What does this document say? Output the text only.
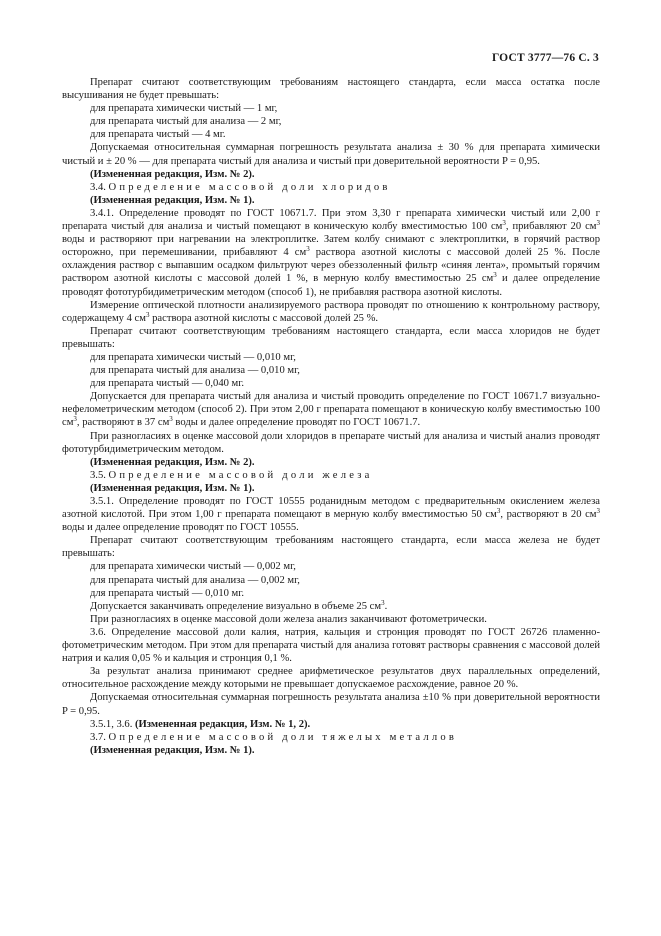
ГОСТ 3777—76 С. 3

Препарат считают соответствующим требованиям настоящего стандарта, если масса остатка после высушивания не будет превышать:

для препарата химически чистый — 1 мг,

для препарата чистый для анализа — 2 мг,

для препарата чистый — 4 мг.

Допускаемая относительная суммарная погрешность результата анализа ± 30 % для препарата химически чистый и ± 20 % — для препарата чистый для анализа и чистый при доверительной вероятности P = 0,95.

(Измененная редакция, Изм. № 2).

3.4. Определение массовой доли хлоридов

(Измененная редакция, Изм. № 1).

3.4.1. Определение проводят по ГОСТ 10671.7. При этом 3,30 г препарата химически чистый или 2,00 г препарата чистый для анализа и чистый помещают в коническую колбу вместимостью 100 $см^3$, прибавляют 20 $см^3$ воды и растворяют при нагревании на электроплитке. Затем колбу снимают с электроплитки, в горячий раствор осторожно, при перемешивании, прибавляют 4 $см^3$ раствора азотной кислоты с массовой долей 25 %. После охлаждения раствор с выпавшим осадком фильтруют через обеззоленный фильтр «синяя лента», промытый горячим раствором азотной кислоты с массовой долей 1 %, в мерную колбу вместимостью 25 $см^3$ и далее определение проводят фототурбидиметрическим методом (способ 1), не прибавляя раствора азотной кислоты.

Измерение оптической плотности анализируемого раствора проводят по отношению к контрольному раствору, содержащему 4 $см^3$ раствора азотной кислоты с массовой долей 25 %.

Препарат считают соответствующим требованиям настоящего стандарта, если масса хлоридов не будет превышать:

для препарата химически чистый — 0,010 мг,

для препарата чистый для анализа — 0,010 мг,

для препарата чистый — 0,040 мг.

Допускается для препарата чистый для анализа и чистый проводить определение по ГОСТ 10671.7 визуально-нефелометрическим методом (способ 2). При этом 2,00 г препарата помещают в коническую колбу вместимостью 100 $см^3$, растворяют в 37 $см^3$ воды и далее определение проводят по ГОСТ 10671.7.

При разногласиях в оценке массовой доли хлоридов в препарате чистый для анализа и чистый анализ проводят фототурбидиметрическим методом.

(Измененная редакция, Изм. № 2).

3.5. Определение массовой доли железа

(Измененная редакция, Изм. № 1).

3.5.1. Определение проводят по ГОСТ 10555 роданидным методом с предварительным окислением железа азотной кислотой. При этом 1,00 г препарата помещают в мерную колбу вместимостью 50 $см^3$, растворяют в 20 $см^3$ воды и далее определение проводят по ГОСТ 10555.

Препарат считают соответствующим требованиям настоящего стандарта, если масса железа не будет превышать:

для препарата химически чистый — 0,002 мг,

для препарата чистый для анализа — 0,002 мг,

для препарата чистый — 0,010 мг.

Допускается заканчивать определение визуально в объеме 25 $см^3$.

При разногласиях в оценке массовой доли железа анализ заканчивают фотометрически.

3.6. Определение массовой доли калия, натрия, кальция и стронция проводят по ГОСТ 26726 пламенно-фотометрическим методом. При этом для препарата чистый для анализа готовят растворы сравнения с массовой долей натрия и калия 0,05 % и кальция и стронция 0,1 %.

За результат анализа принимают среднее арифметическое результатов двух параллельных определений, относительное расхождение между которыми не превышает допускаемое расхождение, равное 20 %.

Допускаемая относительная суммарная погрешность результата анализа ±10 % при доверительной вероятности P = 0,95.

3.5.1, 3.6. (Измененная редакция, Изм. № 1, 2).

3.7. Определение массовой доли тяжелых металлов

(Измененная редакция, Изм. № 1).
